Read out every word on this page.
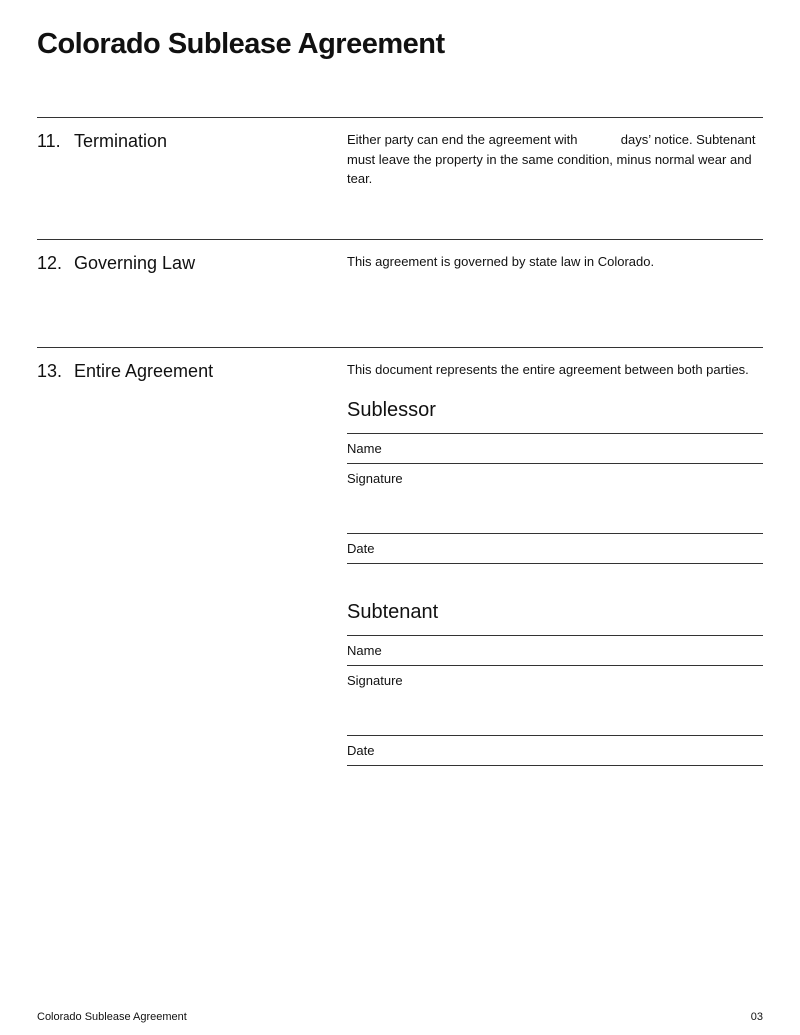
Colorado Sublease Agreement
11. Termination	Either party can end the agreement with	days’ notice. Subtenant must leave the property in the same condition, minus normal wear and tear.
12. Governing Law	This agreement is governed by state law in Colorado.
13. Entire Agreement	This document represents the entire agreement between both parties.
Sublessor
Name
Signature
Date
Subtenant
Name
Signature
Date
Colorado Sublease Agreement	03
